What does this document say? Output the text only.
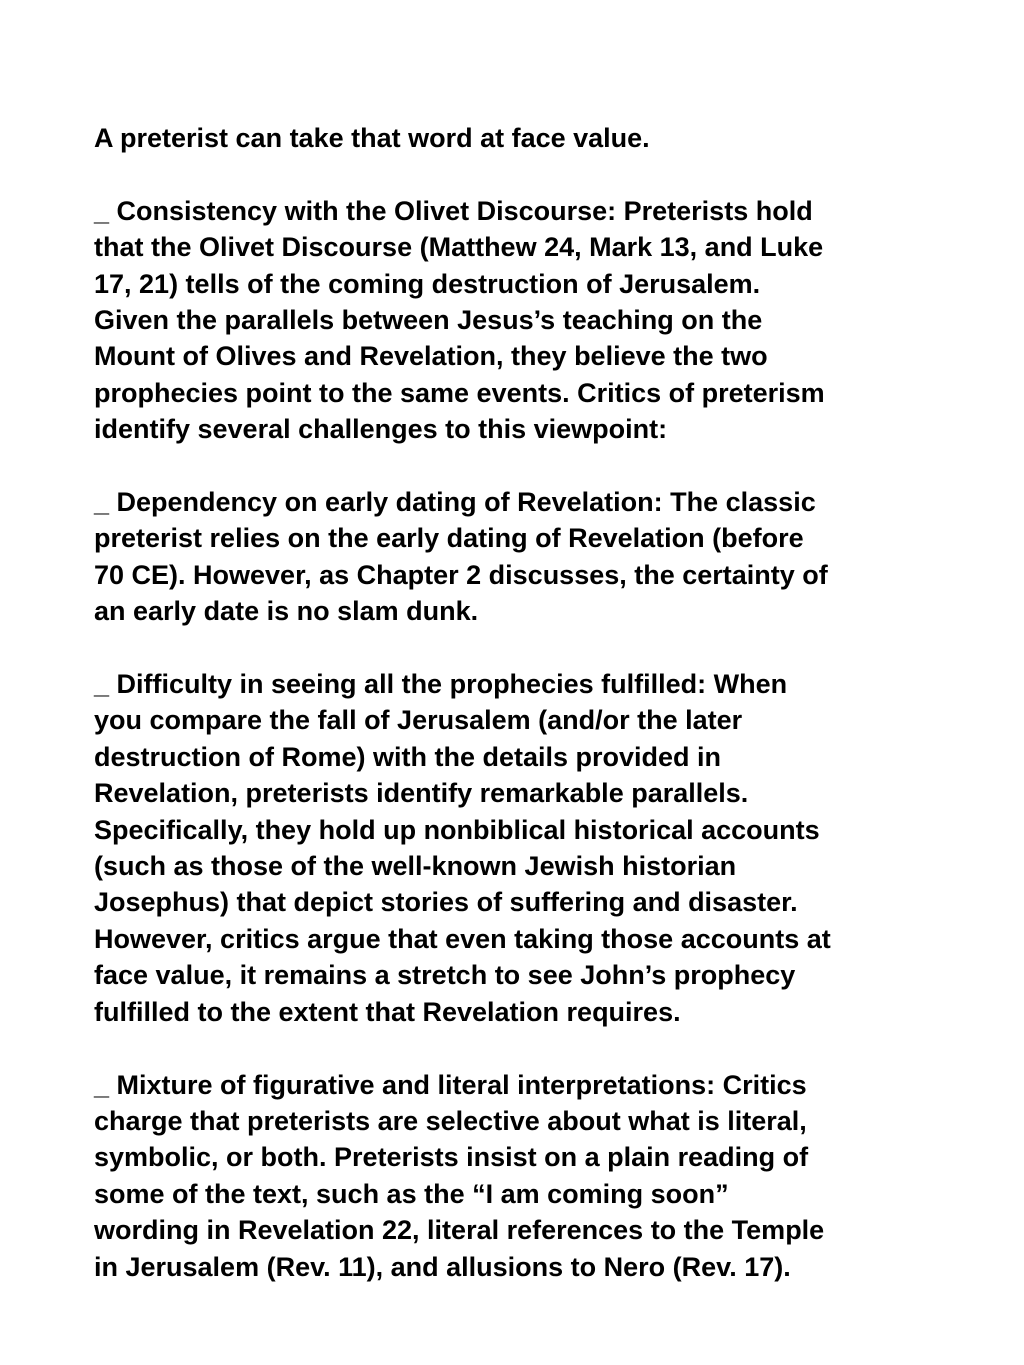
A preterist can take that word at face value.
_ Consistency with the Olivet Discourse: Preterists hold
that the Olivet Discourse (Matthew 24, Mark 13, and Luke
17, 21) tells of the coming destruction of Jerusalem.
Given the parallels between Jesus’s teaching on the
Mount of Olives and Revelation, they believe the two
prophecies point to the same events. Critics of preterism
identify several challenges to this viewpoint:
_ Dependency on early dating of Revelation: The classic
preterist relies on the early dating of Revelation (before
70 CE). However, as Chapter 2 discusses, the certainty of
an early date is no slam dunk.
_ Difficulty in seeing all the prophecies fulfilled: When
you compare the fall of Jerusalem (and/or the later
destruction of Rome) with the details provided in
Revelation, preterists identify remarkable parallels.
Specifically, they hold up nonbiblical historical accounts
(such as those of the well-known Jewish historian
Josephus) that depict stories of suffering and disaster.
However, critics argue that even taking those accounts at
face value, it remains a stretch to see John’s prophecy
fulfilled to the extent that Revelation requires.
_ Mixture of figurative and literal interpretations: Critics
charge that preterists are selective about what is literal,
symbolic, or both. Preterists insist on a plain reading of
some of the text, such as the “I am coming soon”
wording in Revelation 22, literal references to the Temple
in Jerusalem (Rev. 11), and allusions to Nero (Rev. 17).
